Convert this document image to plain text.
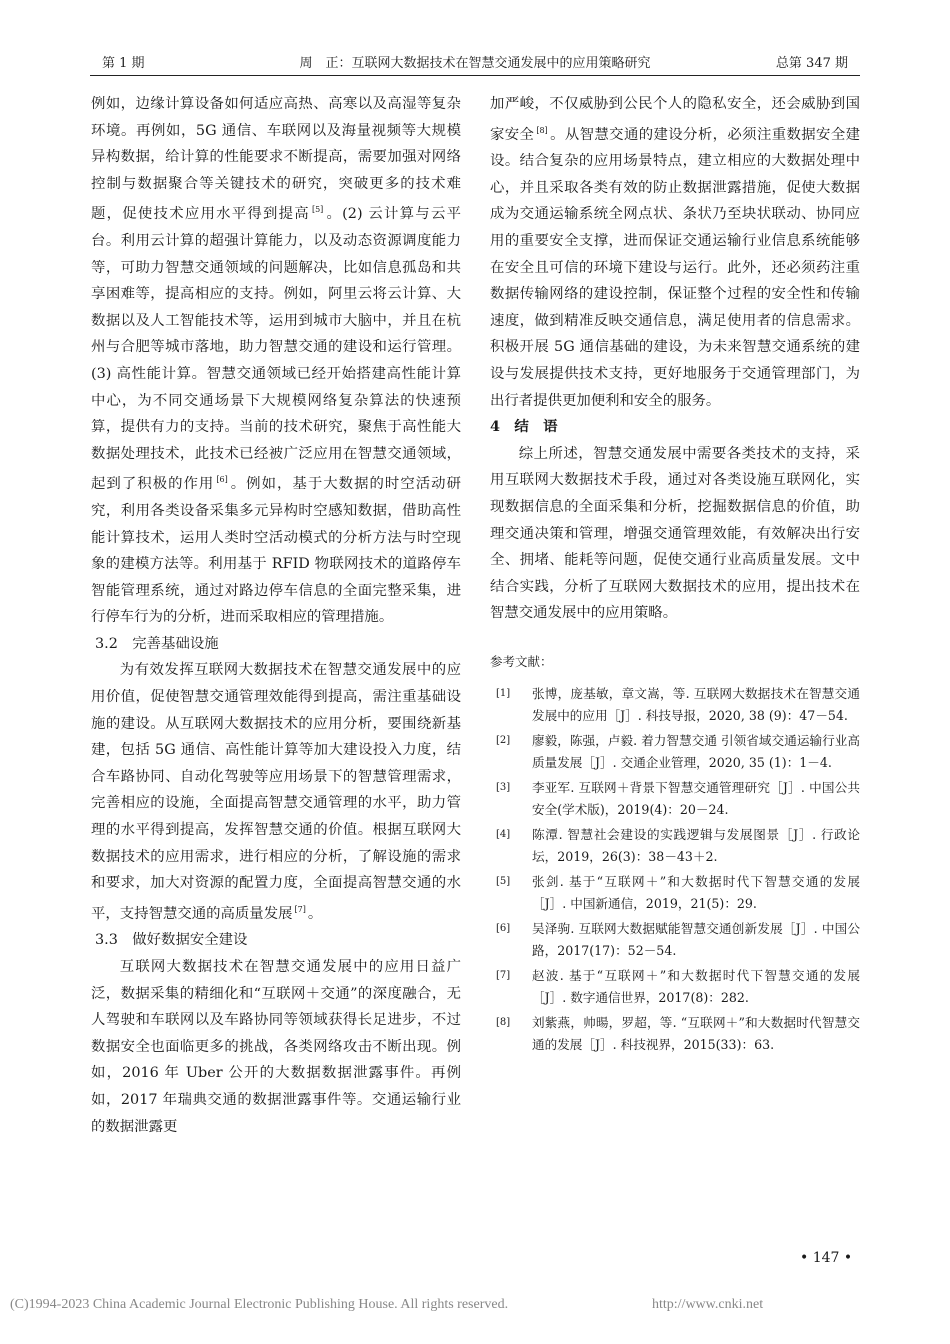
第 1 期	周　正：互联网大数据技术在智慧交通发展中的应用策略研究	总第 347 期

例如，边缘计算设备如何适应高热、高寒以及高湿等复杂环境。再例如，5G 通信、车联网以及海量视频等大规模异构数据，给计算的性能要求不断提高，需要加强对网络控制与数据聚合等关键技术的研究，突破更多的技术难题，促使技术应用水平得到提高 [5] 。(2) 云计算与云平台。利用云计算的超强计算能力，以及动态资源调度能力等，可助力智慧交通领域的问题解决，比如信息孤岛和共享困难等，提高相应的支持。例如，阿里云将云计算、大数据以及人工智能技术等，运用到城市大脑中，并且在杭州与合肥等城市落地，助力智慧交通的建设和运行管理。(3) 高性能计算。智慧交通领域已经开始搭建高性能计算中心，为不同交通场景下大规模网络复杂算法的快速预算，提供有力的支持。当前的技术研究，聚焦于高性能大数据处理技术，此技术已经被广泛应用在智慧交通领域，起到了积极的作用 [6] 。例如，基于大数据的时空活动研究，利用各类设备采集多元异构时空感知数据，借助高性能计算技术，运用人类时空活动模式的分析方法与时空现象的建模方法等。利用基于 RFID 物联网技术的道路停车智能管理系统，通过对路边停车信息的全面完整采集，进行停车行为的分析，进而采取相应的管理措施。

3.2　完善基础设施

为有效发挥互联网大数据技术在智慧交通发展中的应用价值，促使智慧交通管理效能得到提高，需注重基础设施的建设。从互联网大数据技术的应用分析，要围绕新基建，包括 5G 通信、高性能计算等加大建设投入力度，结合车路协同、自动化驾驶等应用场景下的智慧管理需求，完善相应的设施，全面提高智慧交通管理的水平，助力管理的水平得到提高，发挥智慧交通的价值。根据互联网大数据技术的应用需求，进行相应的分析，了解设施的需求和要求，加大对资源的配置力度，全面提高智慧交通的水平，支持智慧交通的高质量发展 [7] 。

3.3　做好数据安全建设

互联网大数据技术在智慧交通发展中的应用日益广泛，数据采集的精细化和“互联网＋交通”的深度融合，无人驾驶和车联网以及车路协同等领域获得长足进步，不过数据安全也面临更多的挑战，各类网络攻击不断出现。例如，2016 年 Uber 公开的大数据数据泄露事件。再例如，2017 年瑞典交通的数据泄露事件等。交通运输行业的数据泄露更

加严峻，不仅威胁到公民个人的隐私安全，还会威胁到国家安全 [8] 。从智慧交通的建设分析，必须注重数据安全建设。结合复杂的应用场景特点，建立相应的大数据处理中心，并且采取各类有效的防止数据泄露措施，促使大数据成为交通运输系统全网点状、条状乃至块状联动、协同应用的重要安全支撑，进而保证交通运输行业信息系统能够在安全且可信的环境下建设与运行。此外，还必须药注重数据传输网络的建设控制，保证整个过程的安全性和传输速度，做到精准反映交通信息，满足使用者的信息需求。积极开展 5G 通信基础的建设，为未来智慧交通系统的建设与发展提供技术支持，更好地服务于交通管理部门，为出行者提供更加便利和安全的服务。

4　结　语

综上所述，智慧交通发展中需要各类技术的支持，采用互联网大数据技术手段，通过对各类设施互联网化，实现数据信息的全面采集和分析，挖掘数据信息的价值，助理交通决策和管理，增强交通管理效能，有效解决出行安全、拥堵、能耗等问题，促使交通行业高质量发展。文中结合实践，分析了互联网大数据技术的应用，提出技术在智慧交通发展中的应用策略。

参考文献：
[1] 张博，庞基敏，章文嵩，等. 互联网大数据技术在智慧交通发展中的应用［J］. 科技导报，2020, 38 (9)：47－54.
[2] 廖毅，陈强，卢毅. 着力智慧交通 引领省域交通运输行业高质量发展［J］. 交通企业管理，2020, 35 (1)：1－4.
[3] 李亚军. 互联网＋背景下智慧交通管理研究［J］. 中国公共安全(学术版)，2019(4)：20－24.
[4] 陈潭. 智慧社会建设的实践逻辑与发展图景［J］. 行政论坛，2019，26(3)：38－43＋2.
[5] 张剑. 基于“互联网＋”和大数据时代下智慧交通的发展［J］. 中国新通信，2019，21(5)：29.
[6] 吴泽驹. 互联网大数据赋能智慧交通创新发展［J］. 中国公路，2017(17)：52－54.
[7] 赵波. 基于“互联网＋”和大数据时代下智慧交通的发展［J］. 数字通信世界，2017(8)：282.
[8] 刘紫燕，帅暘，罗超，等. “互联网＋”和大数据时代智慧交通的发展［J］. 科技视界，2015(33)：63.
• 147 •
(C)1994-2023 China Academic Journal Electronic Publishing House. All rights reserved.	http://www.cnki.net
